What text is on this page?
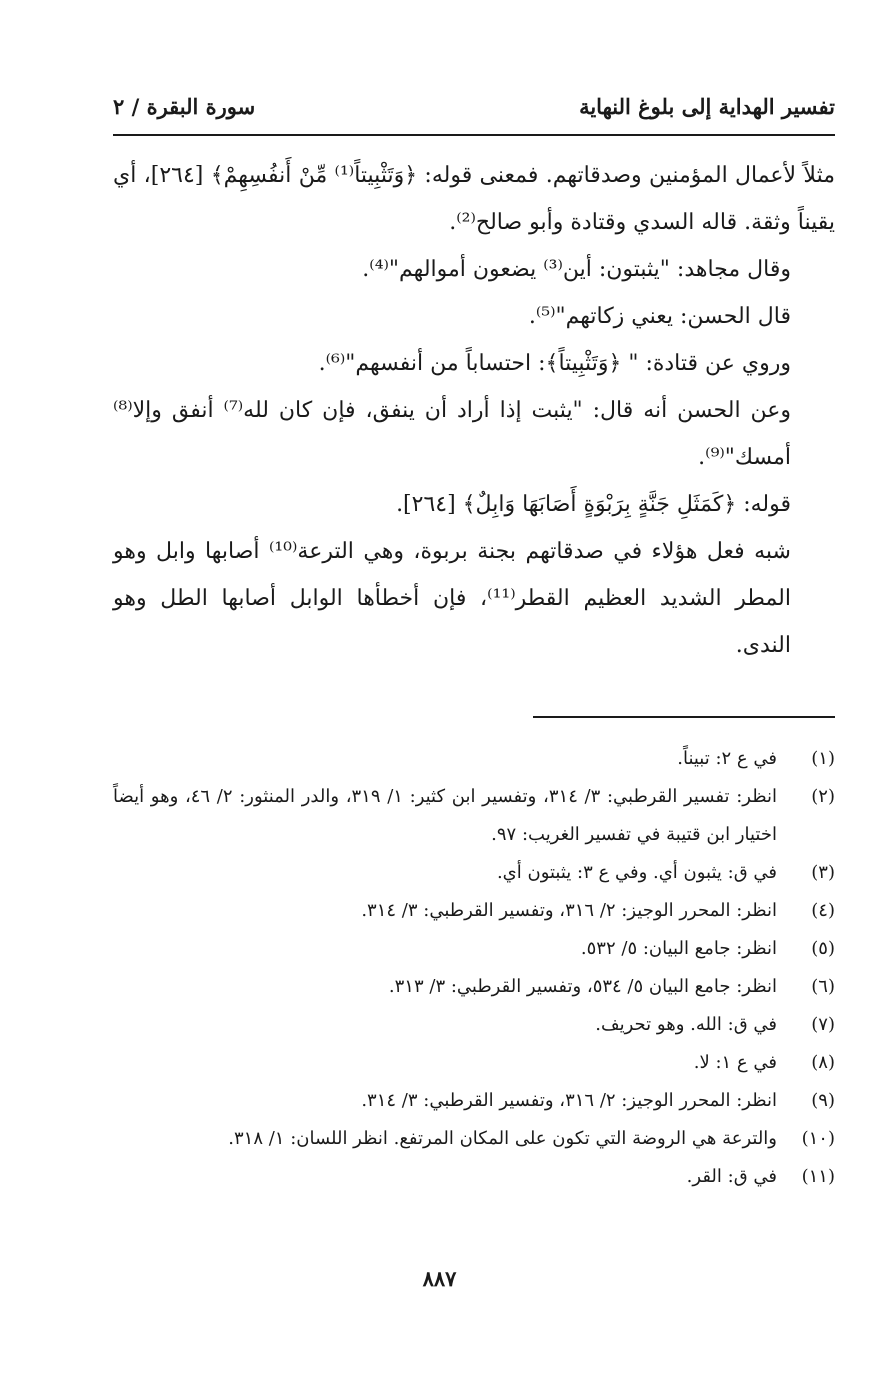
تفسير الهداية إلى بلوغ النهاية
سورة البقرة / ٢

مثلاً لأعمال المؤمنين وصدقاتهم. فمعنى قوله: ﴿وَتَثْبِيتاً⁽¹⁾ مِّنْ أَنفُسِهِمْ﴾ [٢٦٤]، أي يقيناً وثقة. قاله السدي وقتادة وأبو صالح⁽²⁾.

وقال مجاهد: "يثبتون: أين⁽³⁾ يضعون أموالهم"⁽⁴⁾.

قال الحسن: يعني زكاتهم"⁽⁵⁾.

وروي عن قتادة: " ﴿وَتَثْبِيتاً﴾: احتساباً من أنفسهم"⁽⁶⁾.

وعن الحسن أنه قال: "يثبت إذا أراد أن ينفق، فإن كان لله⁽⁷⁾ أنفق وإلا⁽⁸⁾ أمسك"⁽⁹⁾.

قوله: ﴿كَمَثَلِ جَنَّةٍ بِرَبْوَةٍ أَصَابَهَا وَابِلٌ﴾ [٢٦٤].

شبه فعل هؤلاء في صدقاتهم بجنة بربوة، وهي الترعة⁽¹⁰⁾ أصابها وابل وهو المطر الشديد العظيم القطر⁽¹¹⁾، فإن أخطأها الوابل أصابها الطل وهو الندى.

(١)
في ع ٢: تبيناً.
(٢)
انظر: تفسير القرطبي: ٣/ ٣١٤، وتفسير ابن كثير: ١/ ٣١٩، والدر المنثور: ٢/ ٤٦، وهو أيضاً اختيار ابن قتيبة في تفسير الغريب: ٩٧.
(٣)
في ق: يثبون أي. وفي ع ٣: يثبتون أي.
(٤)
انظر: المحرر الوجيز: ٢/ ٣١٦، وتفسير القرطبي: ٣/ ٣١٤.
(٥)
انظر: جامع البيان: ٥/ ٥٣٢.
(٦)
انظر: جامع البيان ٥/ ٥٣٤، وتفسير القرطبي: ٣/ ٣١٣.
(٧)
في ق: الله. وهو تحريف.
(٨)
في ع ١: لا.
(٩)
انظر: المحرر الوجيز: ٢/ ٣١٦، وتفسير القرطبي: ٣/ ٣١٤.
(١٠)
والترعة هي الروضة التي تكون على المكان المرتفع. انظر اللسان: ١/ ٣١٨.
(١١)
في ق: القر.
٨٨٧
